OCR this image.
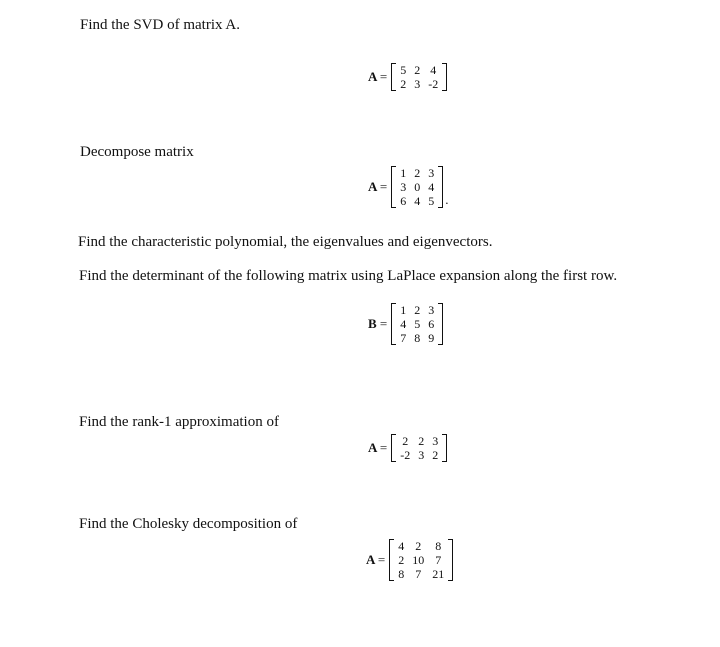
Find the SVD of matrix A.
A = 5	2	4
2	3	-2
Decompose matrix
A =
1	2	3
3	0	4
6	4	5 .
Find the characteristic polynomial, the eigenvalues and eigenvectors.
Find the determinant of the following matrix using LaPlace expansion along the first row.
B =
1	2	3
4	5	6
7	8	9
Find the rank-1 approximation of
A = 2	2	3
-2	3	2
Find the Cholesky decomposition of
A =
4	2	8
2	10	7
8	7	21
